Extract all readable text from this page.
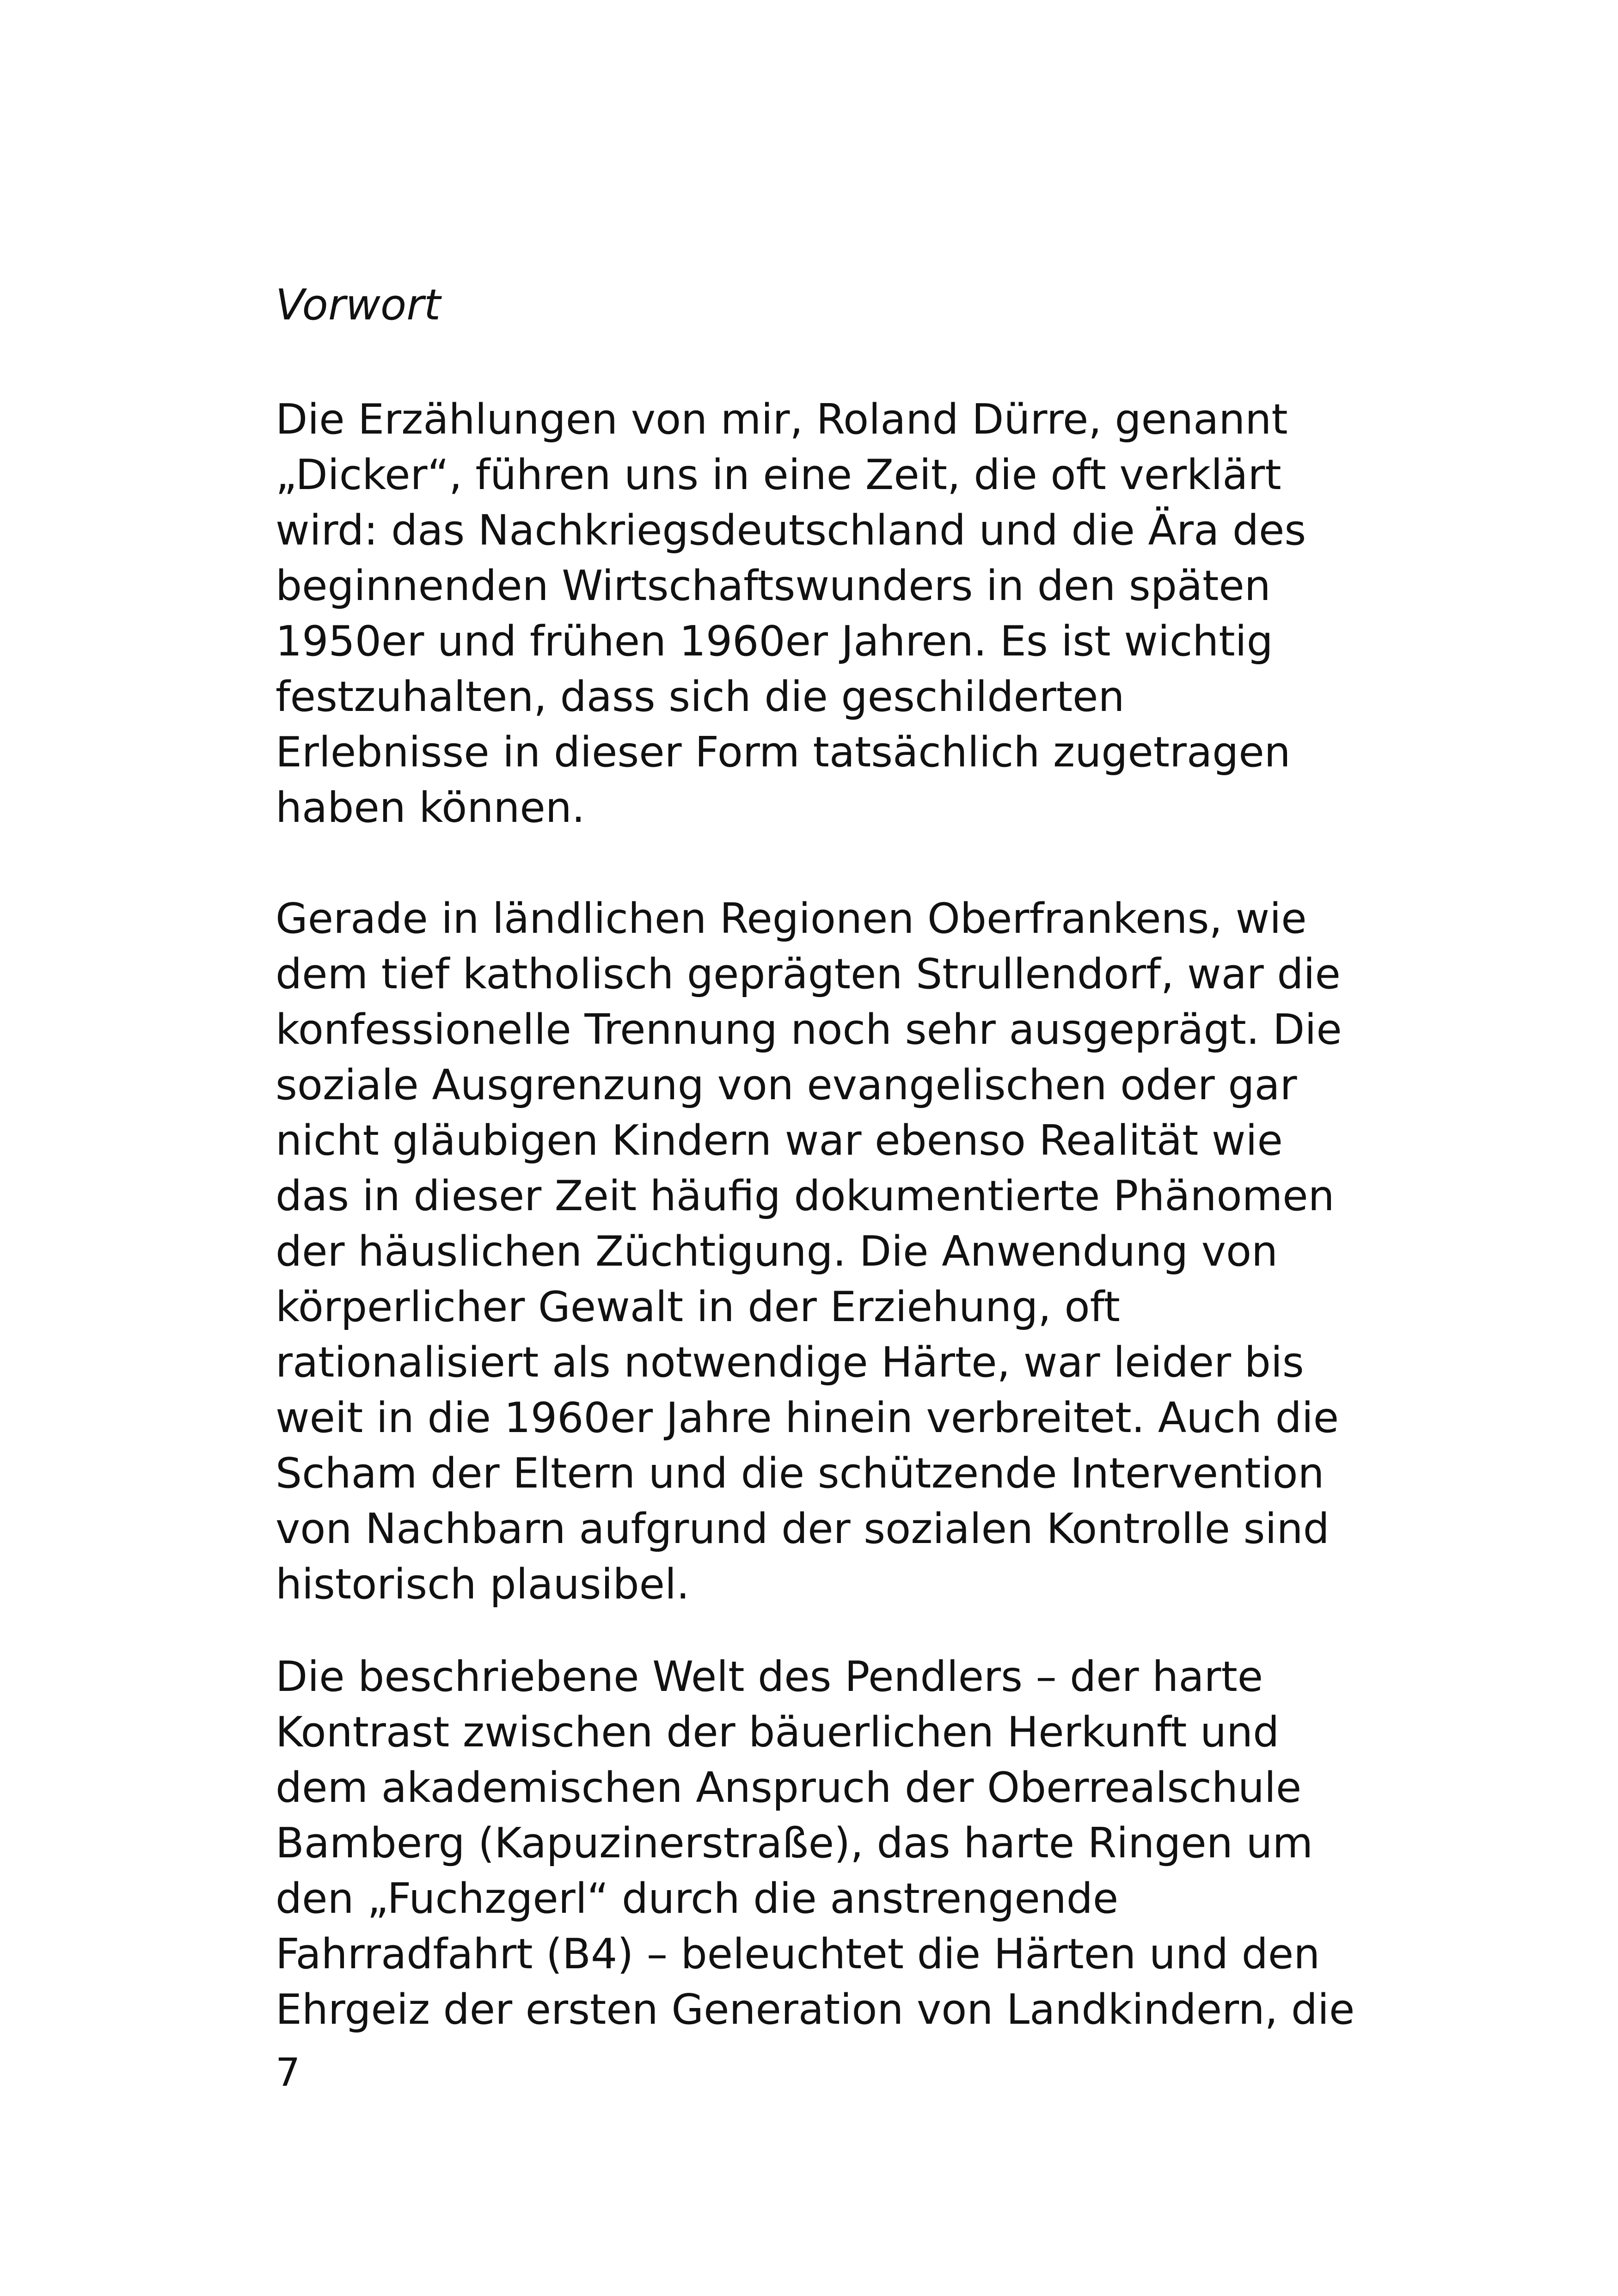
Vorwort

Die Erzählungen von mir, Roland Dürre, genannt
„Dicker“, führen uns in eine Zeit, die oft verklärt
wird: das Nachkriegsdeutschland und die Ära des
beginnenden Wirtschaftswunders in den späten
1950er und frühen 1960er Jahren. Es ist wichtig
festzuhalten, dass sich die geschilderten
Erlebnisse in dieser Form tatsächlich zugetragen
haben können.

Gerade in ländlichen Regionen Oberfrankens, wie
dem tief katholisch geprägten Strullendorf, war die
konfessionelle Trennung noch sehr ausgeprägt. Die
soziale Ausgrenzung von evangelischen oder gar
nicht gläubigen Kindern war ebenso Realität wie
das in dieser Zeit häufig dokumentierte Phänomen
der häuslichen Züchtigung. Die Anwendung von
körperlicher Gewalt in der Erziehung, oft
rationalisiert als notwendige Härte, war leider bis
weit in die 1960er Jahre hinein verbreitet. Auch die
Scham der Eltern und die schützende Intervention
von Nachbarn aufgrund der sozialen Kontrolle sind
historisch plausibel.

Die beschriebene Welt des Pendlers – der harte
Kontrast zwischen der bäuerlichen Herkunft und
dem akademischen Anspruch der Oberrealschule
Bamberg (Kapuzinerstraße), das harte Ringen um
den „Fuchzgerl“ durch die anstrengende
Fahrradfahrt (B4) – beleuchtet die Härten und den
Ehrgeiz der ersten Generation von Landkindern, die

7
